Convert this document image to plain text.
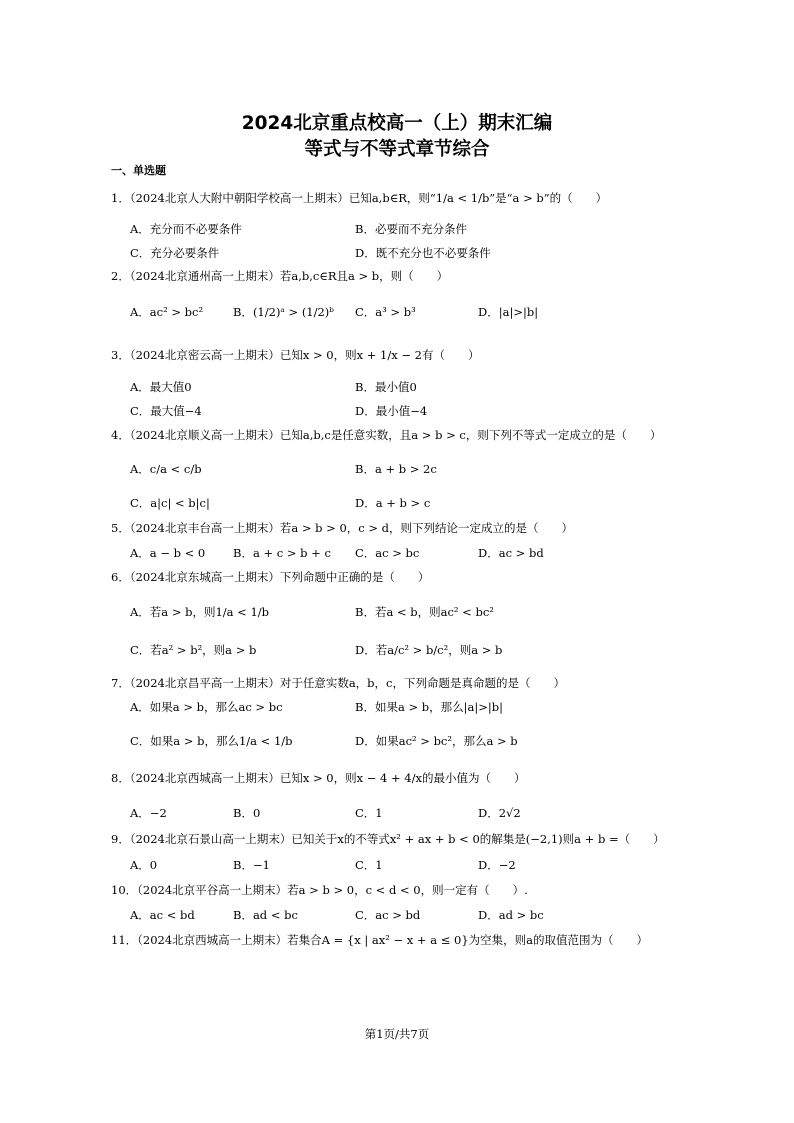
2024北京重点校高一（上）期末汇编
等式与不等式章节综合
一、单选题
1．（2024北京人大附中朝阳学校高一上期末）已知a,b∈R，则“1/a < 1/b”是“a > b”的（　　）
A．充分而不必要条件	B．必要而不充分条件
C．充分必要条件	D．既不充分也不必要条件
2．（2024北京通州高一上期末）若a,b,c∈R且a > b，则（　　）
A．ac² > bc²	B．(1/2)ᵃ > (1/2)ᵇ C．a³ > b³	D．|a|>|b|
3．（2024北京密云高一上期末）已知x > 0，则x + 1/x − 2有（　　）
A．最大值0	B．最小值0
C．最大值−4	D．最小值−4
4．（2024北京顺义高一上期末）已知a,b,c是任意实数，且a > b > c，则下列不等式一定成立的是（　　）
A．c/a < c/b	B．a + b > 2c
C．a|c| < b|c|	D．a + b > c
5．（2024北京丰台高一上期末）若a > b > 0，c > d，则下列结论一定成立的是（　　）
A．a − b < 0 B．a + c > b + c C．ac > bc	D．ac > bd
6．（2024北京东城高一上期末）下列命题中正确的是（　　）
A．若a > b，则1/a < 1/b	B．若a < b，则ac² < bc²
C．若a² > b²，则a > b	D．若a/c² > b/c²，则a > b
7．（2024北京昌平高一上期末）对于任意实数a，b，c，下列命题是真命题的是（　　）
A．如果a > b，那么ac > bc	B．如果a > b，那么|a|>|b|
C．如果a > b，那么1/a < 1/b	D．如果ac² > bc²，那么a > b
8．（2024北京西城高一上期末）已知x > 0，则x − 4 + 4/x的最小值为（　　）
A．−2	B．0	C．1	D．2√2
9．（2024北京石景山高一上期末）已知关于x的不等式x² + ax + b < 0的解集是(−2,1)则a + b =（　　）
A．0	B．−1	C．1	D．−2
10．（2024北京平谷高一上期末）若a > b > 0，c < d < 0，则一定有（　　）.
A．ac < bd	B．ad < bc	C．ac > bd	D．ad > bc
11．（2024北京西城高一上期末）若集合A = {x | ax² − x + a ≤ 0}为空集，则a的取值范围为（　　）
第1页/共7页
